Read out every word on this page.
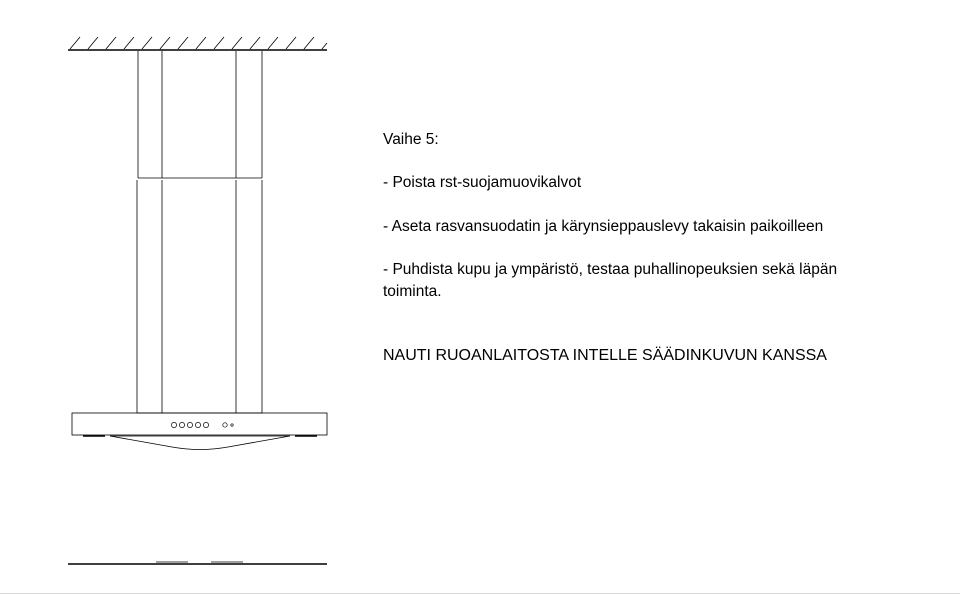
Vaihe 5:
- Poista rst-suojamuovikalvot
- Aseta rasvansuodatin ja kärynsieppauslevy takaisin paikoilleen
- Puhdista kupu ja ympäristö, testaa puhallinopeuksien sekä läpän
toiminta.
NAUTI RUOANLAITOSTA INTELLE SÄÄDINKUVUN KANSSA
